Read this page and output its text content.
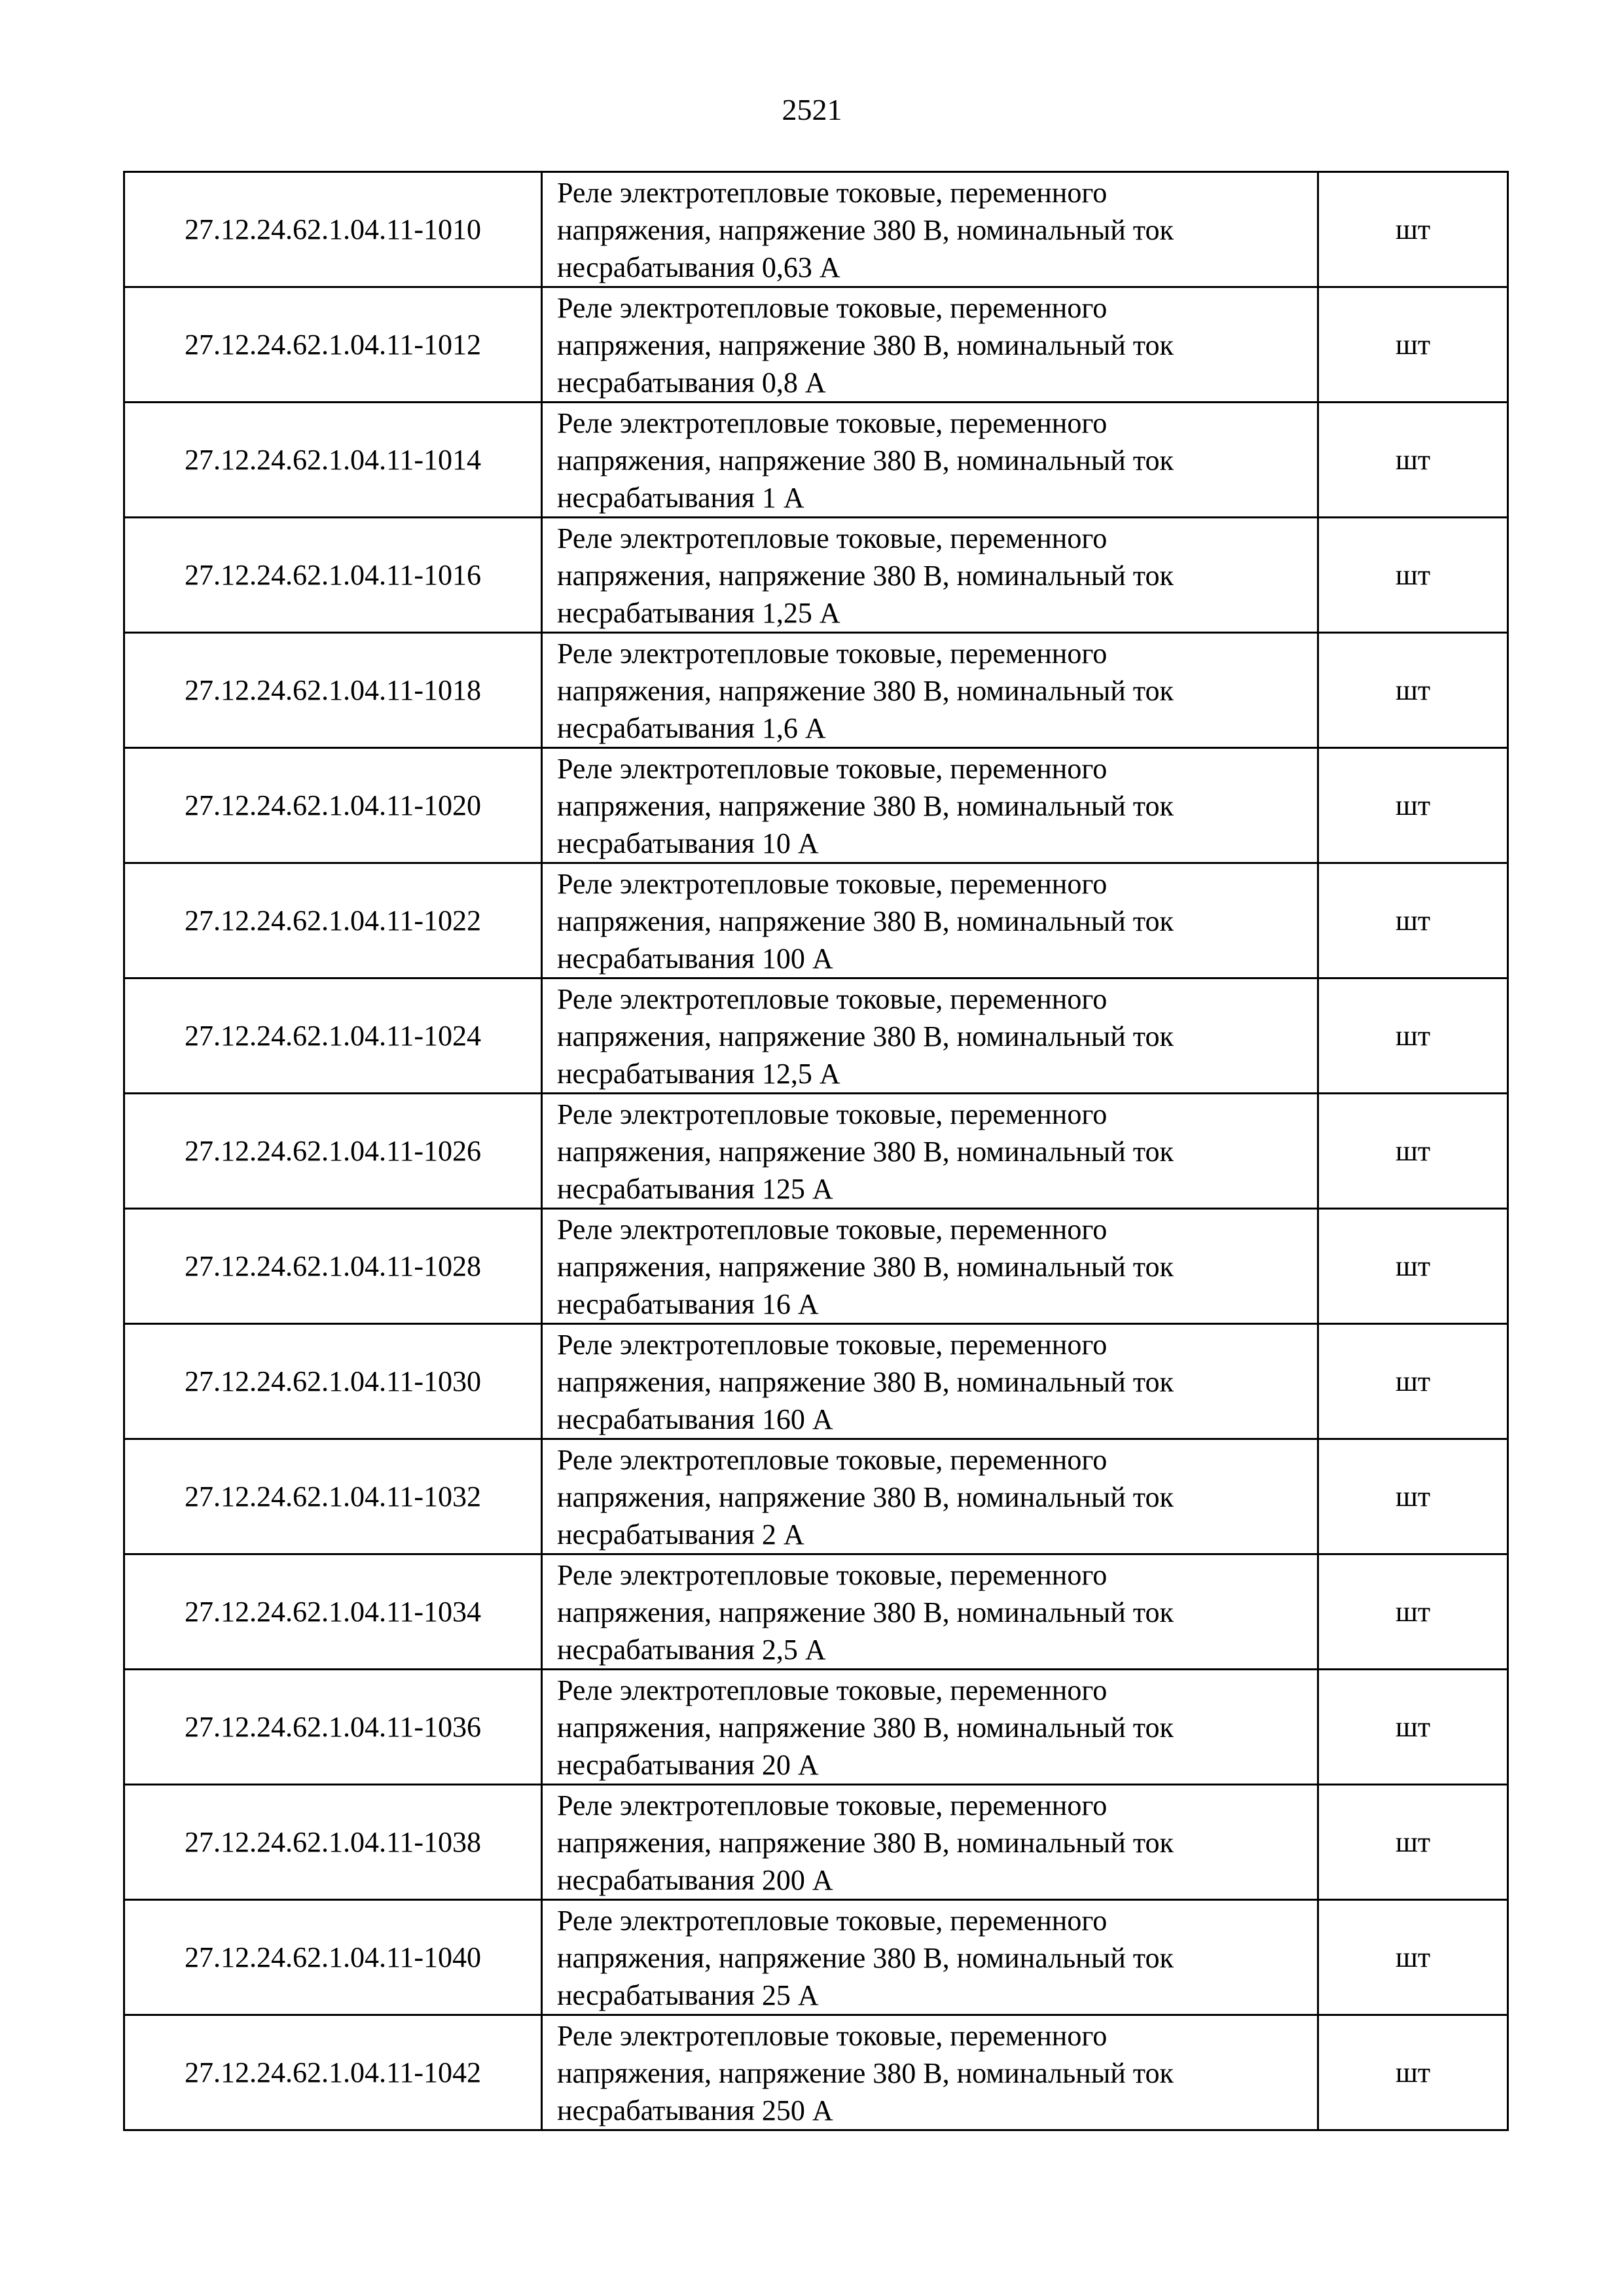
2521
27.12.24.62.1.04.11-1010	Реле электротепловые токовые, переменного
напряжения, напряжение 380 В, номинальный ток
несрабатывания 0,63 А	шт
27.12.24.62.1.04.11-1012	Реле электротепловые токовые, переменного
напряжения, напряжение 380 В, номинальный ток
несрабатывания 0,8 А	шт
27.12.24.62.1.04.11-1014	Реле электротепловые токовые, переменного
напряжения, напряжение 380 В, номинальный ток
несрабатывания 1 А	шт
27.12.24.62.1.04.11-1016	Реле электротепловые токовые, переменного
напряжения, напряжение 380 В, номинальный ток
несрабатывания 1,25 А	шт
27.12.24.62.1.04.11-1018	Реле электротепловые токовые, переменного
напряжения, напряжение 380 В, номинальный ток
несрабатывания 1,6 А	шт
27.12.24.62.1.04.11-1020	Реле электротепловые токовые, переменного
напряжения, напряжение 380 В, номинальный ток
несрабатывания 10 А	шт
27.12.24.62.1.04.11-1022	Реле электротепловые токовые, переменного
напряжения, напряжение 380 В, номинальный ток
несрабатывания 100 А	шт
27.12.24.62.1.04.11-1024	Реле электротепловые токовые, переменного
напряжения, напряжение 380 В, номинальный ток
несрабатывания 12,5 А	шт
27.12.24.62.1.04.11-1026	Реле электротепловые токовые, переменного
напряжения, напряжение 380 В, номинальный ток
несрабатывания 125 А	шт
27.12.24.62.1.04.11-1028	Реле электротепловые токовые, переменного
напряжения, напряжение 380 В, номинальный ток
несрабатывания 16 А	шт
27.12.24.62.1.04.11-1030	Реле электротепловые токовые, переменного
напряжения, напряжение 380 В, номинальный ток
несрабатывания 160 А	шт
27.12.24.62.1.04.11-1032	Реле электротепловые токовые, переменного
напряжения, напряжение 380 В, номинальный ток
несрабатывания 2 А	шт
27.12.24.62.1.04.11-1034	Реле электротепловые токовые, переменного
напряжения, напряжение 380 В, номинальный ток
несрабатывания 2,5 А	шт
27.12.24.62.1.04.11-1036	Реле электротепловые токовые, переменного
напряжения, напряжение 380 В, номинальный ток
несрабатывания 20 А	шт
27.12.24.62.1.04.11-1038	Реле электротепловые токовые, переменного
напряжения, напряжение 380 В, номинальный ток
несрабатывания 200 А	шт
27.12.24.62.1.04.11-1040	Реле электротепловые токовые, переменного
напряжения, напряжение 380 В, номинальный ток
несрабатывания 25 А	шт
27.12.24.62.1.04.11-1042	Реле электротепловые токовые, переменного
напряжения, напряжение 380 В, номинальный ток
несрабатывания 250 А	шт
